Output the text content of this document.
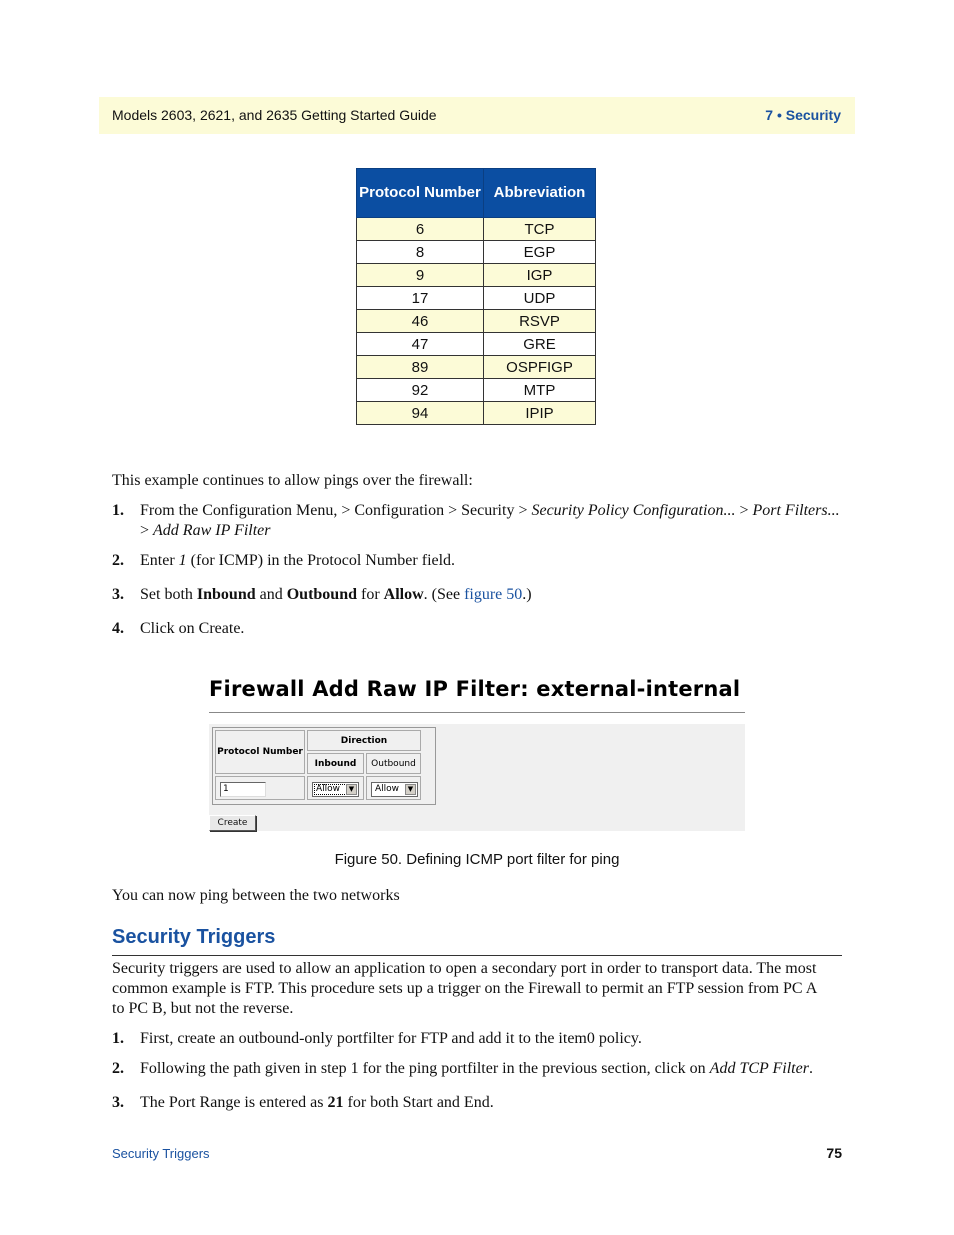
Models 2603, 2621, and 2635 Getting Started Guide	7 • Security
Protocol Number	Abbreviation
6	TCP
8	EGP
9	IGP
17	UDP
46	RSVP
47	GRE
89	OSPFIGP
92	MTP
94	IPIP
This example continues to allow pings over the firewall:
1. From the Configuration Menu, > Configuration > Security > Security Policy Configuration... > Port Filters...
> Add Raw IP Filter
2. Enter 1 (for ICMP) in the Protocol Number field.
3. Set both Inbound and Outbound for Allow. (See figure 50.)
4. Click on Create.
Firewall Add Raw IP Filter: external-internal
Protocol Number
Direction
Inbound	Outbound
1	Allow	▼	Allow	▼
Create
Figure 50. Defining ICMP port filter for ping
You can now ping between the two networks
Security Triggers
Security triggers are used to allow an application to open a secondary port in order to transport data. The most
common example is FTP. This procedure sets up a trigger on the Firewall to permit an FTP session from PC A
to PC B, but not the reverse.
1. First, create an outbound-only portfilter for FTP and add it to the item0 policy.
2. Following the path given in step 1 for the ping portfilter in the previous section, click on Add TCP Filter.
3. The Port Range is entered as 21 for both Start and End.
Security Triggers	75
